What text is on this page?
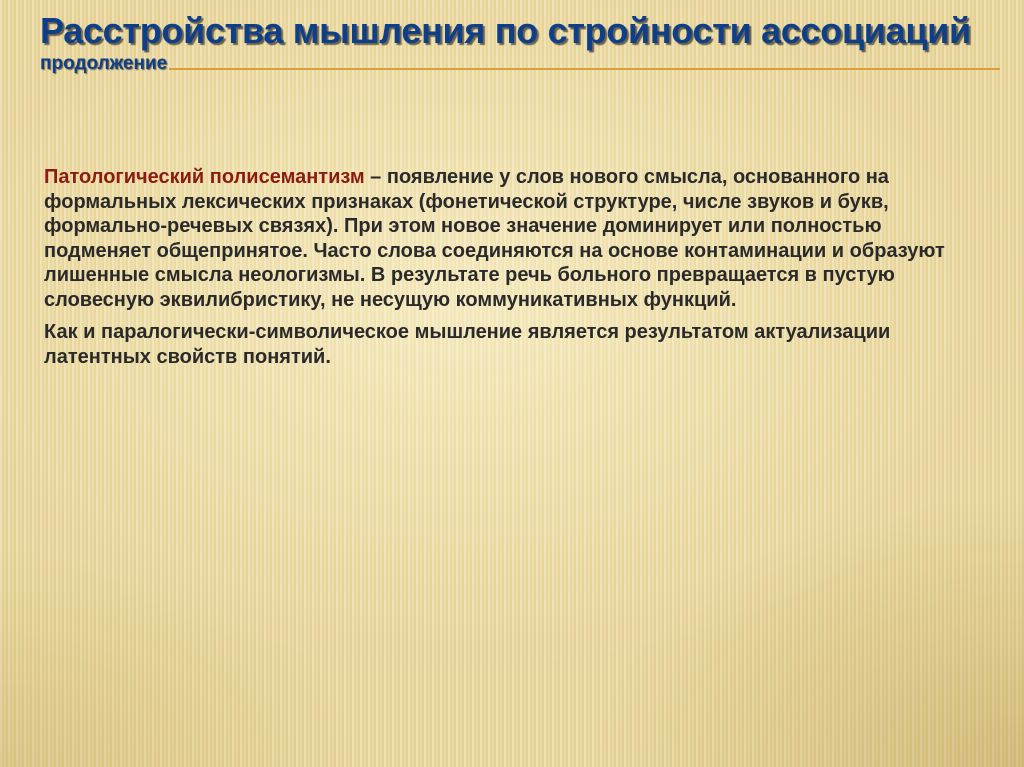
Расстройства мышления по стройности ассоциаций
продолжение

Патологический полисемантизм – появление у слов нового смысла, основанного на формальных лексических признаках (фонетической структуре, числе звуков и букв, формально-речевых связях). При этом новое значение доминирует или полностью подменяет общепринятое. Часто слова соединяются на основе контаминации и образуют лишенные смысла неологизмы. В результате речь больного превращается в пустую словесную эквилибристику, не несущую коммуникативных функций.

Как и паралогически-символическое мышление является результатом актуализации латентных свойств понятий.
